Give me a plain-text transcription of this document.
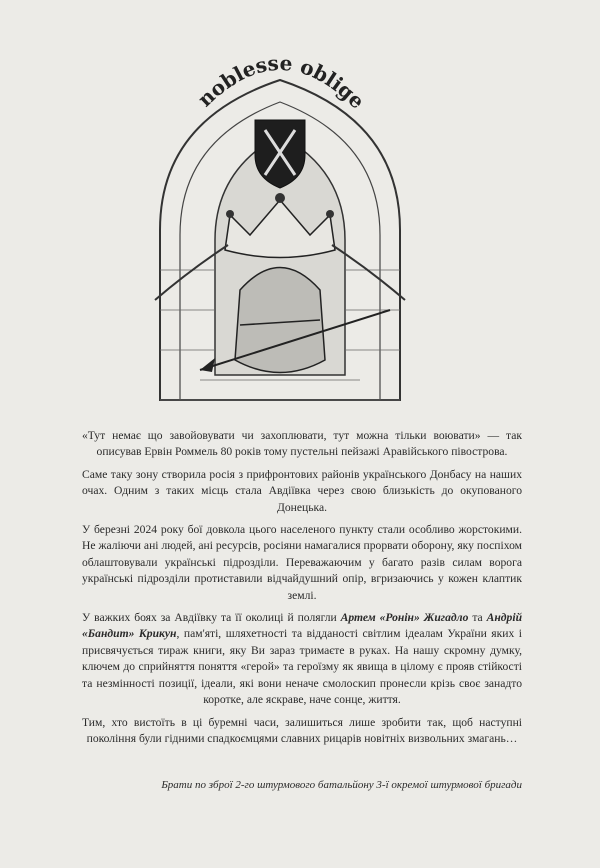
noblesse oblige

«Тут немає що завойовувати чи захоплювати, тут можна тільки воювати» — так описував Ервін Роммель 80 років тому пустельні пейзажі Аравійського півострова.

Саме таку зону створила росія з прифронтових районів українського Донбасу на наших очах. Одним з таких місць стала Авдіївка через свою близькість до окупованого Донецька.

У березні 2024 року бої довкола цього населеного пункту стали особливо жорстокими. Не жаліючи ані людей, ані ресурсів, росіяни намагалися прорвати оборону, яку поспіхом облаштовували українські підрозділи. Переважаючим у багато разів силам ворога українські підрозділи протиставили відчайдушний опір, вгризаючись у кожен клаптик землі.

У важких боях за Авдіївку та її околиці й полягли Артем «Ронін» Жигадло та Андрій «Бандит» Крикун, пам'яті, шляхетності та відданості світлим ідеалам України яких і присвячується тираж книги, яку Ви зараз тримаєте в руках. На нашу скромну думку, ключем до сприйняття поняття «герой» та героїзму як явища в цілому є прояв стійкості та незмінності позиції, ідеали, які вони неначе смолоскип пронесли крізь своє занадто коротке, але яскраве, наче сонце, життя.

Тим, хто вистоїть в ці буремні часи, залишиться лише зробити так, щоб наступні покоління були гідними спадкоємцями славних рицарів новітніх визвольних змагань…

Брати по зброї 2-го штурмового батальйону 3-ї окремої штурмової бригади
